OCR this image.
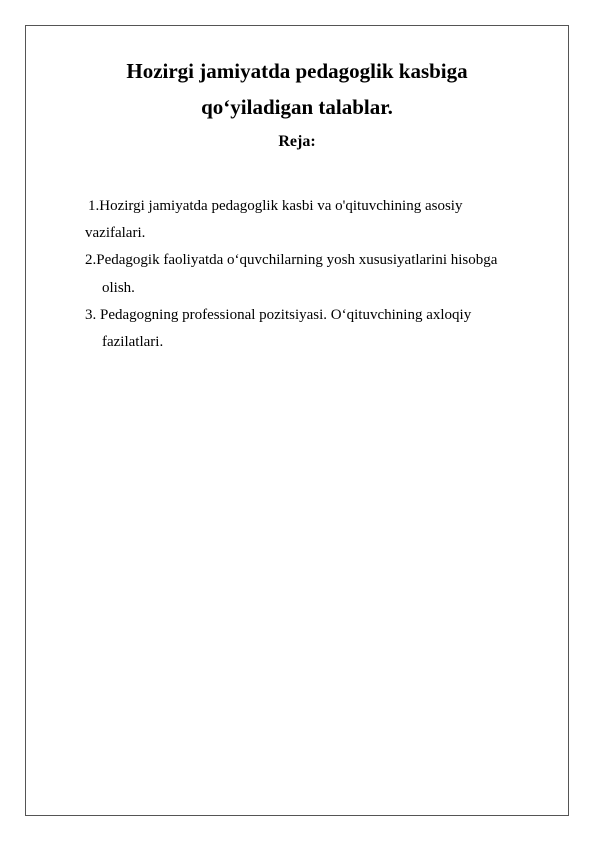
Hozirgi jamiyatda pedagoglik kasbiga
qo‘yiladigan talablar.
Reja:
1.Hozirgi jamiyatda pedagoglik kasbi va o'qituvchining asosiy
vazifalari.
2.Pedagogik faoliyatda o‘quvchilarning yosh xususiyatlarini hisobga
olish.
3. Pedagogning professional pozitsiyasi. O‘qituvchining axloqiy
fazilatlari.
